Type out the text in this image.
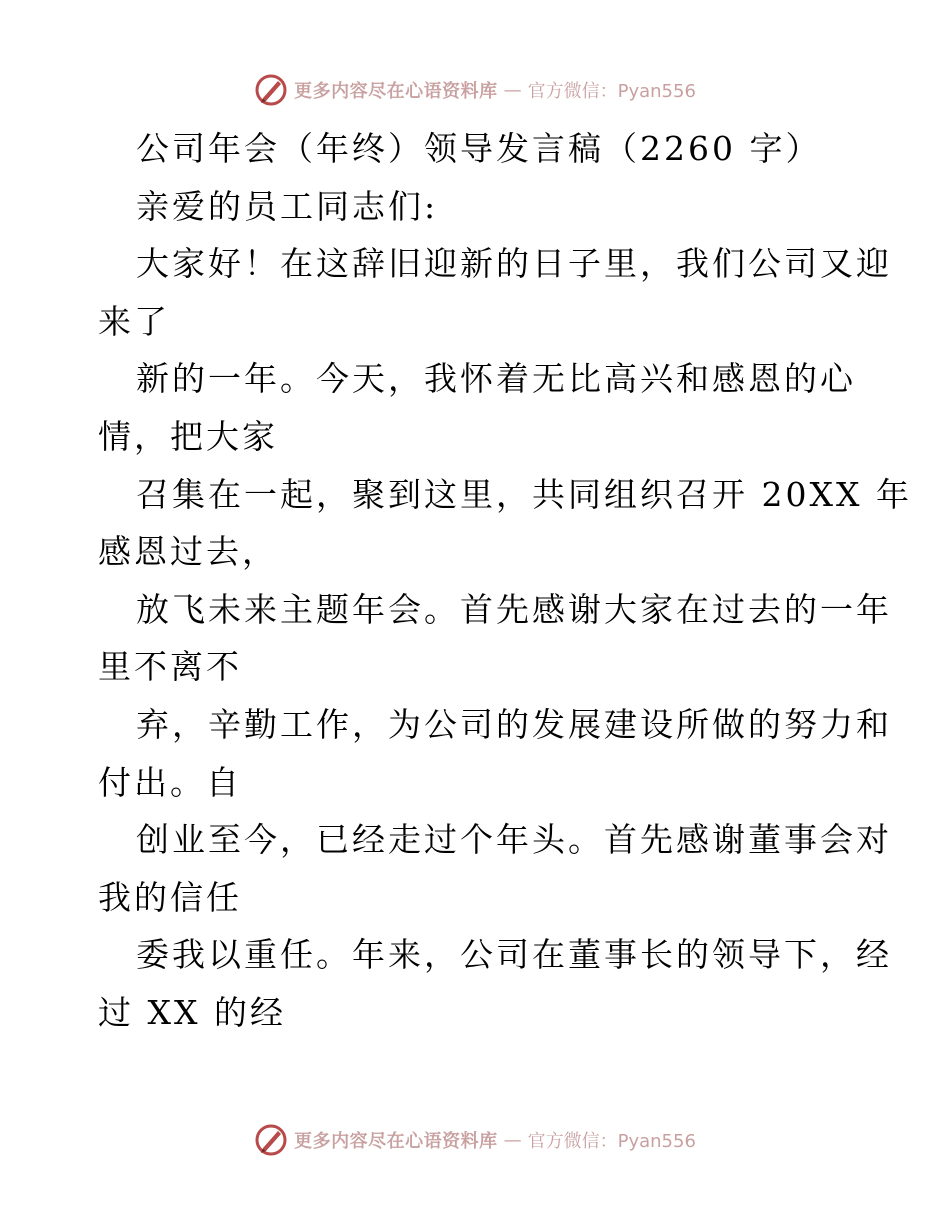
更多内容尽在心语资料库 — 官方微信：Pyan556
公司年会（年终）领导发言稿（2260 字）
亲爱的员工同志们:
大家好！在这辞旧迎新的日子里，我们公司又迎
来了
新的一年。今天，我怀着无比高兴和感恩的心
情，把大家
召集在一起，聚到这里，共同组织召开 20XX 年
感恩过去，
放飞未来主题年会。首先感谢大家在过去的一年
里不离不
弃，辛勤工作，为公司的发展建设所做的努力和
付出。自
创业至今，已经走过个年头。首先感谢董事会对
我的信任
委我以重任。年来，公司在董事长的领导下，经
过 XX 的经
更多内容尽在心语资料库 — 官方微信：Pyan556
